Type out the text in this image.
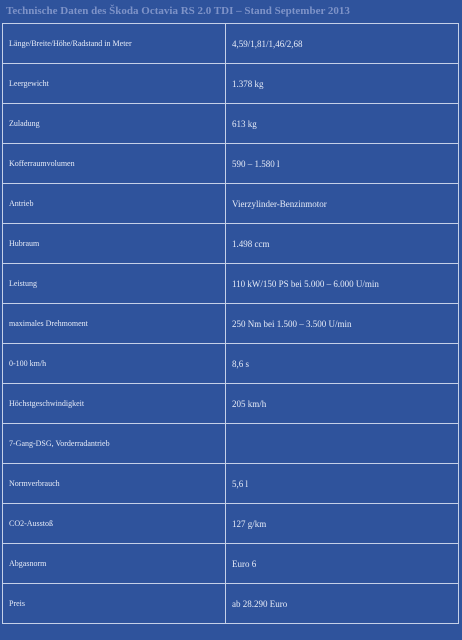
Technische Daten des Škoda Octavia RS 2.0 TDI – Stand September 2013
Länge/Breite/Höhe/Radstand in Meter	4,59/1,81/1,46/2,68
Leergewicht	1.378 kg
Zuladung	613 kg
Kofferraumvolumen	590 – 1.580 l
Antrieb	Vierzylinder-Benzinmotor
Hubraum	1.498 ccm
Leistung	110 kW/150 PS bei 5.000 – 6.000 U/min
maximales Drehmoment	250 Nm bei 1.500 – 3.500 U/min
0-100 km/h	8,6 s
Höchstgeschwindigkeit	205 km/h
7-Gang-DSG, Vorderradantrieb	
Normverbrauch	5,6 l
CO2-Ausstoß	127 g/km
Abgasnorm	Euro 6
Preis	ab 28.290 Euro
